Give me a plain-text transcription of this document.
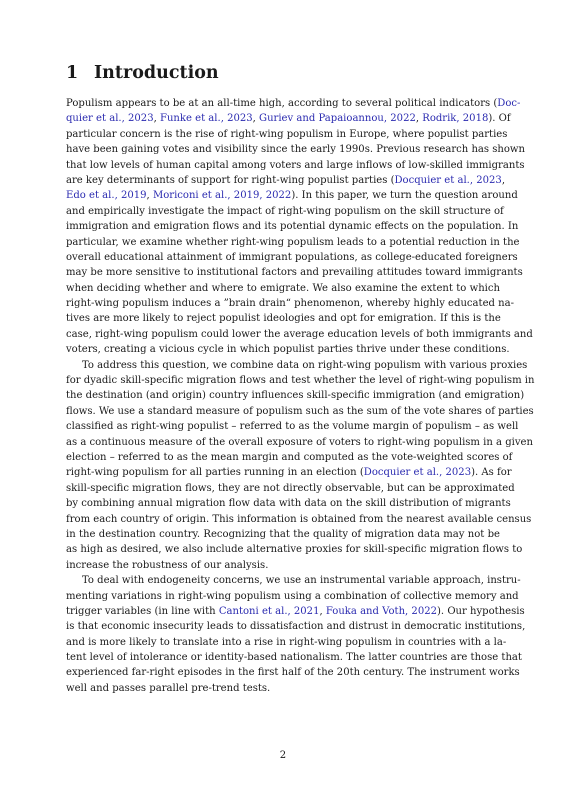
1 Introduction
Populism appears to be at an all-time high, according to several political indicators (Doc-
quier et al., 2023, Funke et al., 2023, Guriev and Papaioannou, 2022, Rodrik, 2018). Of
particular concern is the rise of right-wing populism in Europe, where populist parties
have been gaining votes and visibility since the early 1990s. Previous research has shown
that low levels of human capital among voters and large inflows of low-skilled immigrants
are key determinants of support for right-wing populist parties (Docquier et al., 2023,
Edo et al., 2019, Moriconi et al., 2019, 2022). In this paper, we turn the question around
and empirically investigate the impact of right-wing populism on the skill structure of
immigration and emigration flows and its potential dynamic effects on the population. In
particular, we examine whether right-wing populism leads to a potential reduction in the
overall educational attainment of immigrant populations, as college-educated foreigners
may be more sensitive to institutional factors and prevailing attitudes toward immigrants
when deciding whether and where to emigrate. We also examine the extent to which
right-wing populism induces a ”brain drain“ phenomenon, whereby highly educated na-
tives are more likely to reject populist ideologies and opt for emigration. If this is the
case, right-wing populism could lower the average education levels of both immigrants and
voters, creating a vicious cycle in which populist parties thrive under these conditions.
To address this question, we combine data on right-wing populism with various proxies
for dyadic skill-specific migration flows and test whether the level of right-wing populism in
the destination (and origin) country influences skill-specific immigration (and emigration)
flows. We use a standard measure of populism such as the sum of the vote shares of parties
classified as right-wing populist – referred to as the volume margin of populism – as well
as a continuous measure of the overall exposure of voters to right-wing populism in a given
election – referred to as the mean margin and computed as the vote-weighted scores of
right-wing populism for all parties running in an election (Docquier et al., 2023). As for
skill-specific migration flows, they are not directly observable, but can be approximated
by combining annual migration flow data with data on the skill distribution of migrants
from each country of origin. This information is obtained from the nearest available census
in the destination country. Recognizing that the quality of migration data may not be
as high as desired, we also include alternative proxies for skill-specific migration flows to
increase the robustness of our analysis.
To deal with endogeneity concerns, we use an instrumental variable approach, instru-
menting variations in right-wing populism using a combination of collective memory and
trigger variables (in line with Cantoni et al., 2021, Fouka and Voth, 2022). Our hypothesis
is that economic insecurity leads to dissatisfaction and distrust in democratic institutions,
and is more likely to translate into a rise in right-wing populism in countries with a la-
tent level of intolerance or identity-based nationalism. The latter countries are those that
experienced far-right episodes in the first half of the 20th century. The instrument works
well and passes parallel pre-trend tests.
2
